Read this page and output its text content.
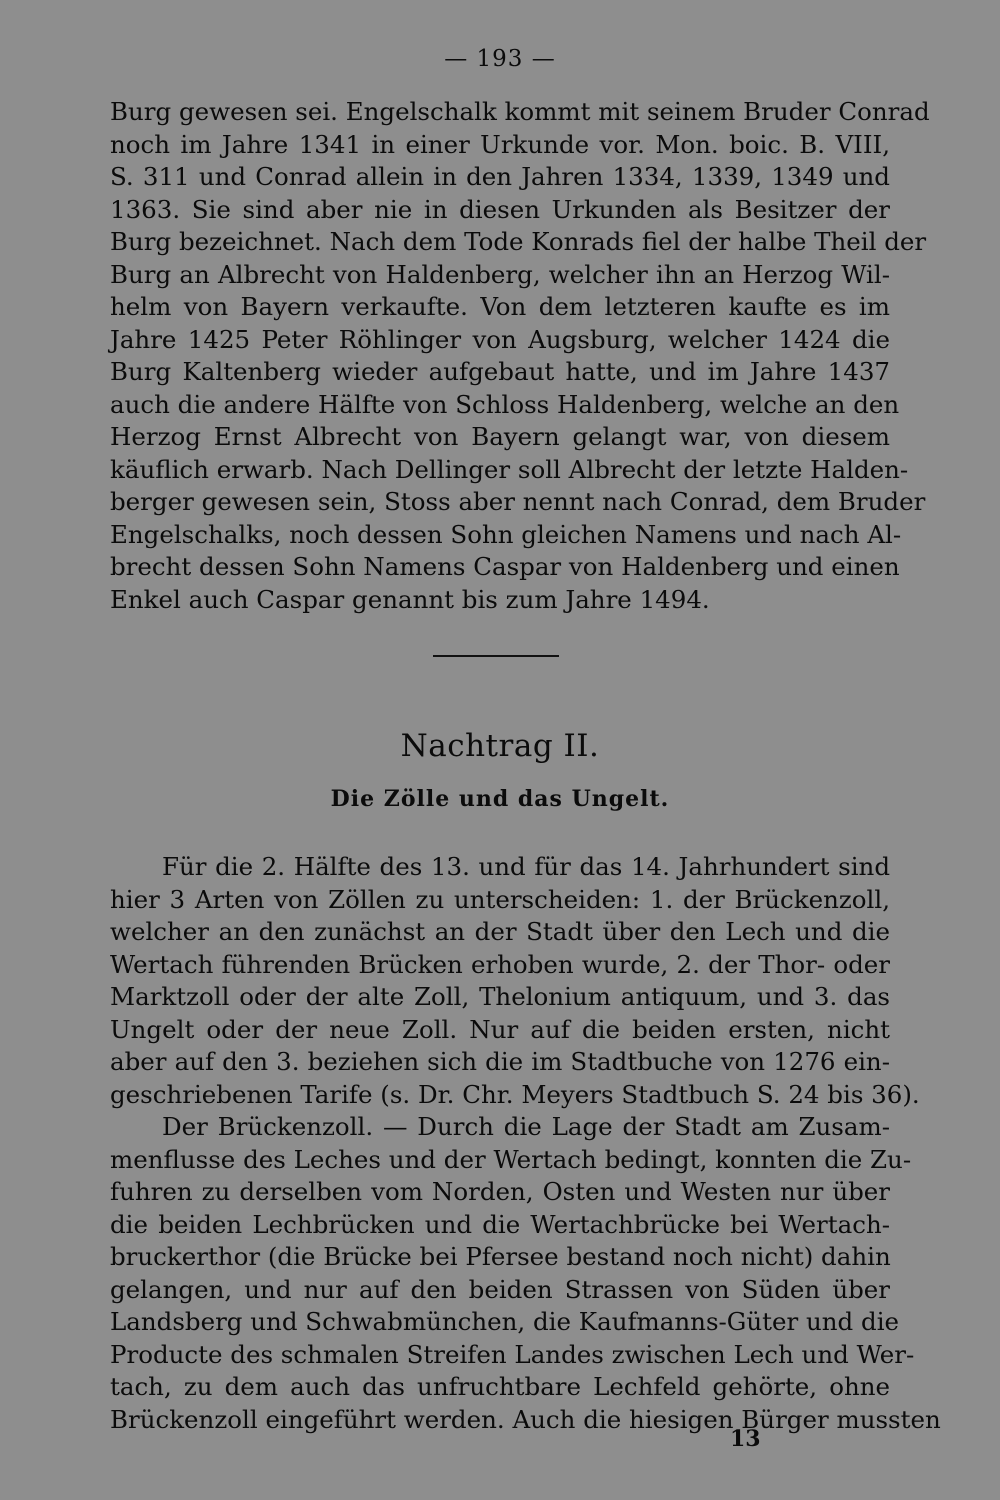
— 193 —
Burg gewesen sei. Engelschalk kommt mit seinem Bruder Conrad
noch im Jahre 1341 in einer Urkunde vor. Mon. boic. B. VIII,
S. 311 und Conrad allein in den Jahren 1334, 1339, 1349 und
1363. Sie sind aber nie in diesen Urkunden als Besitzer der
Burg bezeichnet. Nach dem Tode Konrads fiel der halbe Theil der
Burg an Albrecht von Haldenberg, welcher ihn an Herzog Wil-
helm von Bayern verkaufte. Von dem letzteren kaufte es im
Jahre 1425 Peter Röhlinger von Augsburg, welcher 1424 die
Burg Kaltenberg wieder aufgebaut hatte, und im Jahre 1437
auch die andere Hälfte von Schloss Haldenberg, welche an den
Herzog Ernst Albrecht von Bayern gelangt war, von diesem
käuflich erwarb. Nach Dellinger soll Albrecht der letzte Halden-
berger gewesen sein, Stoss aber nennt nach Conrad, dem Bruder
Engelschalks, noch dessen Sohn gleichen Namens und nach Al-
brecht dessen Sohn Namens Caspar von Haldenberg und einen
Enkel auch Caspar genannt bis zum Jahre 1494.
Nachtrag II.
Die Zölle und das Ungelt.
Für die 2. Hälfte des 13. und für das 14. Jahrhundert sind
hier 3 Arten von Zöllen zu unterscheiden: 1. der Brückenzoll,
welcher an den zunächst an der Stadt über den Lech und die
Wertach führenden Brücken erhoben wurde, 2. der Thor- oder
Marktzoll oder der alte Zoll, Thelonium antiquum, und 3. das
Ungelt oder der neue Zoll. Nur auf die beiden ersten, nicht
aber auf den 3. beziehen sich die im Stadtbuche von 1276 ein-
geschriebenen Tarife (s. Dr. Chr. Meyers Stadtbuch S. 24 bis 36).
Der Brückenzoll. — Durch die Lage der Stadt am Zusam-
menflusse des Leches und der Wertach bedingt, konnten die Zu-
fuhren zu derselben vom Norden, Osten und Westen nur über
die beiden Lechbrücken und die Wertachbrücke bei Wertach-
bruckerthor (die Brücke bei Pfersee bestand noch nicht) dahin
gelangen, und nur auf den beiden Strassen von Süden über
Landsberg und Schwabmünchen, die Kaufmanns-Güter und die
Producte des schmalen Streifen Landes zwischen Lech und Wer-
tach, zu dem auch das unfruchtbare Lechfeld gehörte, ohne
Brückenzoll eingeführt werden. Auch die hiesigen Bürger mussten
13
